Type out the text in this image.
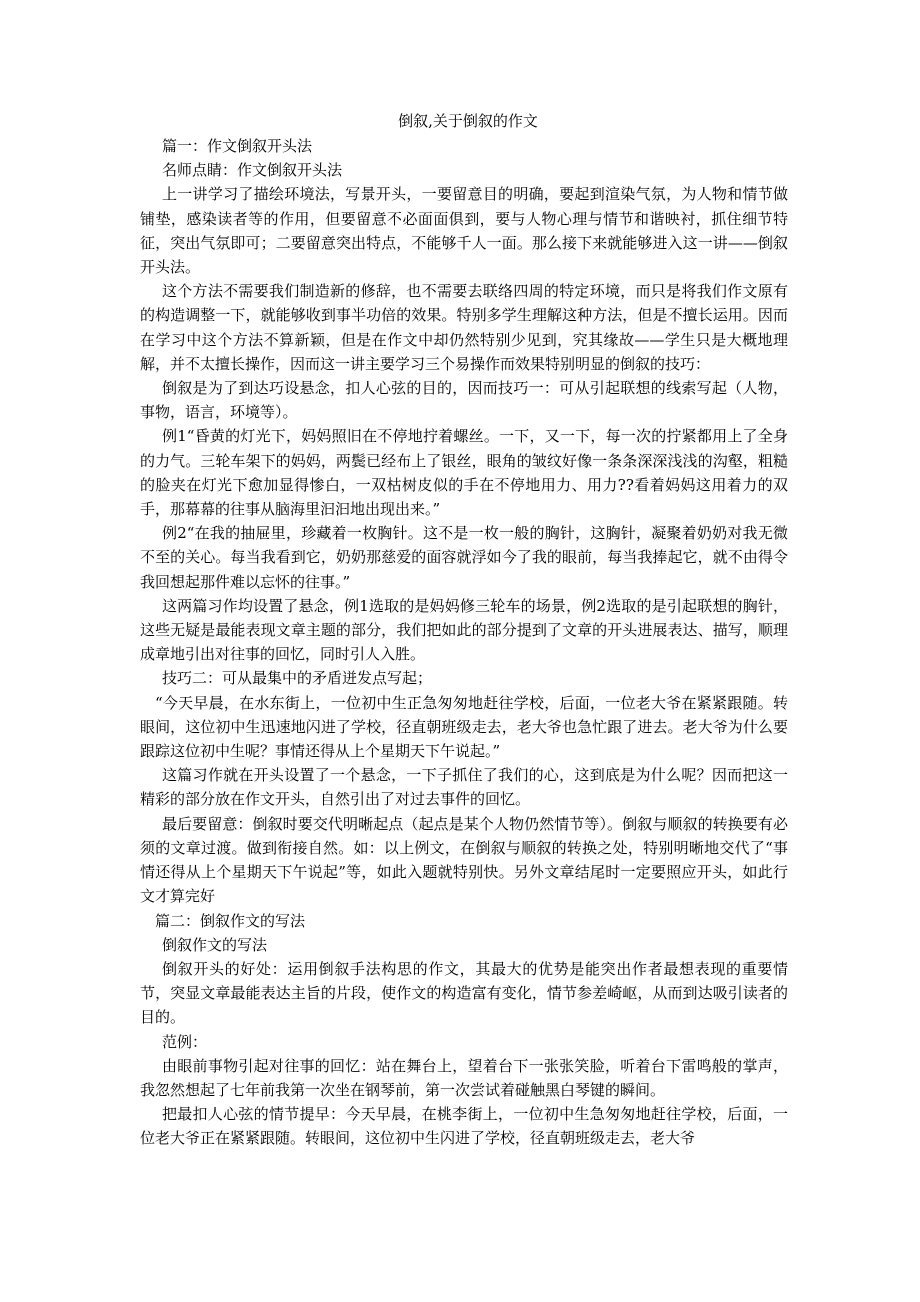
倒叙,关于倒叙的作文

篇一：作文倒叙开头法

名师点睛：作文倒叙开头法

上一讲学习了描绘环境法，写景开头，一要留意目的明确，要起到渲染气氛，为人物和情节做铺垫，感染读者等的作用，但要留意不必面面俱到，要与人物心理与情节和谐映衬，抓住细节特征，突出气氛即可；二要留意突出特点，不能够千人一面。那么接下来就能够进入这一讲——倒叙开头法。

这个方法不需要我们制造新的修辞，也不需要去联络四周的特定环境，而只是将我们作文原有的构造调整一下，就能够收到事半功倍的效果。特别多学生理解这种方法，但是不擅长运用。因而在学习中这个方法不算新颖，但是在作文中却仍然特别少见到，究其缘故——学生只是大概地理解，并不太擅长操作，因而这一讲主要学习三个易操作而效果特别明显的倒叙的技巧：

倒叙是为了到达巧设悬念，扣人心弦的目的，因而技巧一：可从引起联想的线索写起（人物，事物，语言，环境等）。

例1“昏黄的灯光下，妈妈照旧在不停地拧着螺丝。一下，又一下，每一次的拧紧都用上了全身的力气。三轮车架下的妈妈，两鬓已经布上了银丝，眼角的皱纹好像一条条深深浅浅的沟壑，粗糙的脸夹在灯光下愈加显得惨白，一双枯树皮似的手在不停地用力、用力??看着妈妈这用着力的双手，那幕幕的往事从脑海里汩汩地出现出来。”

例2“在我的抽屉里，珍藏着一枚胸针。这不是一枚一般的胸针，这胸针，凝聚着奶奶对我无微不至的关心。每当我看到它，奶奶那慈爱的面容就浮如今了我的眼前，每当我捧起它，就不由得令我回想起那件难以忘怀的往事。”

这两篇习作均设置了悬念，例1选取的是妈妈修三轮车的场景，例2选取的是引起联想的胸针，这些无疑是最能表现文章主题的部分，我们把如此的部分提到了文章的开头进展表达、描写，顺理成章地引出对往事的回忆，同时引人入胜。

技巧二：可从最集中的矛盾迸发点写起；

“今天早晨，在水东街上，一位初中生正急匆匆地赶往学校，后面，一位老大爷在紧紧跟随。转眼间，这位初中生迅速地闪进了学校，径直朝班级走去，老大爷也急忙跟了进去。老大爷为什么要跟踪这位初中生呢？事情还得从上个星期天下午说起。”

这篇习作就在开头设置了一个悬念，一下子抓住了我们的心，这到底是为什么呢？因而把这一精彩的部分放在作文开头，自然引出了对过去事件的回忆。

最后要留意：倒叙时要交代明晰起点（起点是某个人物仍然情节等）。倒叙与顺叙的转换要有必须的文章过渡。做到衔接自然。如：以上例文，在倒叙与顺叙的转换之处，特别明晰地交代了“事情还得从上个星期天下午说起”等，如此入题就特别快。另外文章结尾时一定要照应开头，如此行文才算完好

篇二：倒叙作文的写法

倒叙作文的写法

倒叙开头的好处：运用倒叙手法构思的作文，其最大的优势是能突出作者最想表现的重要情节，突显文章最能表达主旨的片段，使作文的构造富有变化，情节参差崎岖，从而到达吸引读者的目的。

范例：

由眼前事物引起对往事的回忆：站在舞台上，望着台下一张张笑脸，听着台下雷鸣般的掌声，我忽然想起了七年前我第一次坐在钢琴前，第一次尝试着碰触黑白琴键的瞬间。

把最扣人心弦的情节提早：今天早晨，在桃李街上，一位初中生急匆匆地赶往学校，后面，一位老大爷正在紧紧跟随。转眼间，这位初中生闪进了学校，径直朝班级走去，老大爷
